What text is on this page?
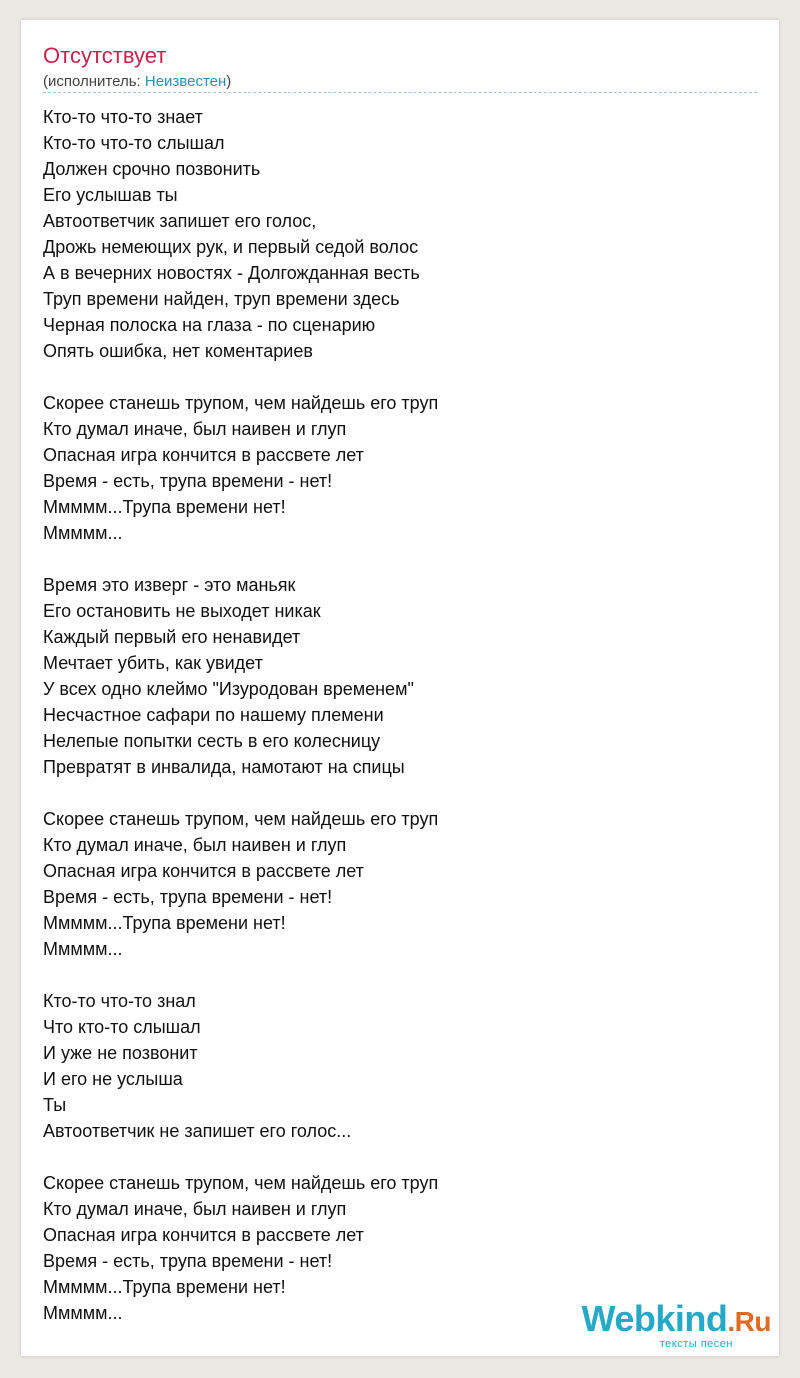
Отсутствует
(исполнитель: Неизвестен)
Кто-то что-то знает
Кто-то что-то слышал
Должен срочно позвонить
Его услышав ты
Автоответчик запишет его голос,
Дрожь немеющих рук, и первый седой волос
А в вечерних новостях - Долгожданная весть
Труп времени найден, труп времени здесь
Черная полоска на глаза - по сценарию
Опять ошибка, нет коментариев
Скорее станешь трупом, чем найдешь его труп
Кто думал иначе, был наивен и глуп
Опасная игра кончится в рассвете лет
Время - есть, трупа времени - нет!
Ммммм...Трупа времени нет!
Ммммм...
Время это изверг - это маньяк
Его остановить не выходет никак
Каждый первый его ненавидет
Мечтает убить, как увидет
У всех одно клеймо "Изуродован временем"
Несчастное сафари по нашему племени
Нелепые попытки сесть в его колесницу
Превратят в инвалида, намотают на спицы
Скорее станешь трупом, чем найдешь его труп
Кто думал иначе, был наивен и глуп
Опасная игра кончится в рассвете лет
Время - есть, трупа времени - нет!
Ммммм...Трупа времени нет!
Ммммм...
Кто-то что-то знал
Что кто-то слышал
И уже не позвонит
И его не услыша
Ты
Автоответчик не запишет его голос...
Скорее станешь трупом, чем найдешь его труп
Кто думал иначе, был наивен и глуп
Опасная игра кончится в рассвете лет
Время - есть, трупа времени - нет!
Ммммм...Трупа времени нет!
Ммммм...	Webkind.Ru
тексты песен
